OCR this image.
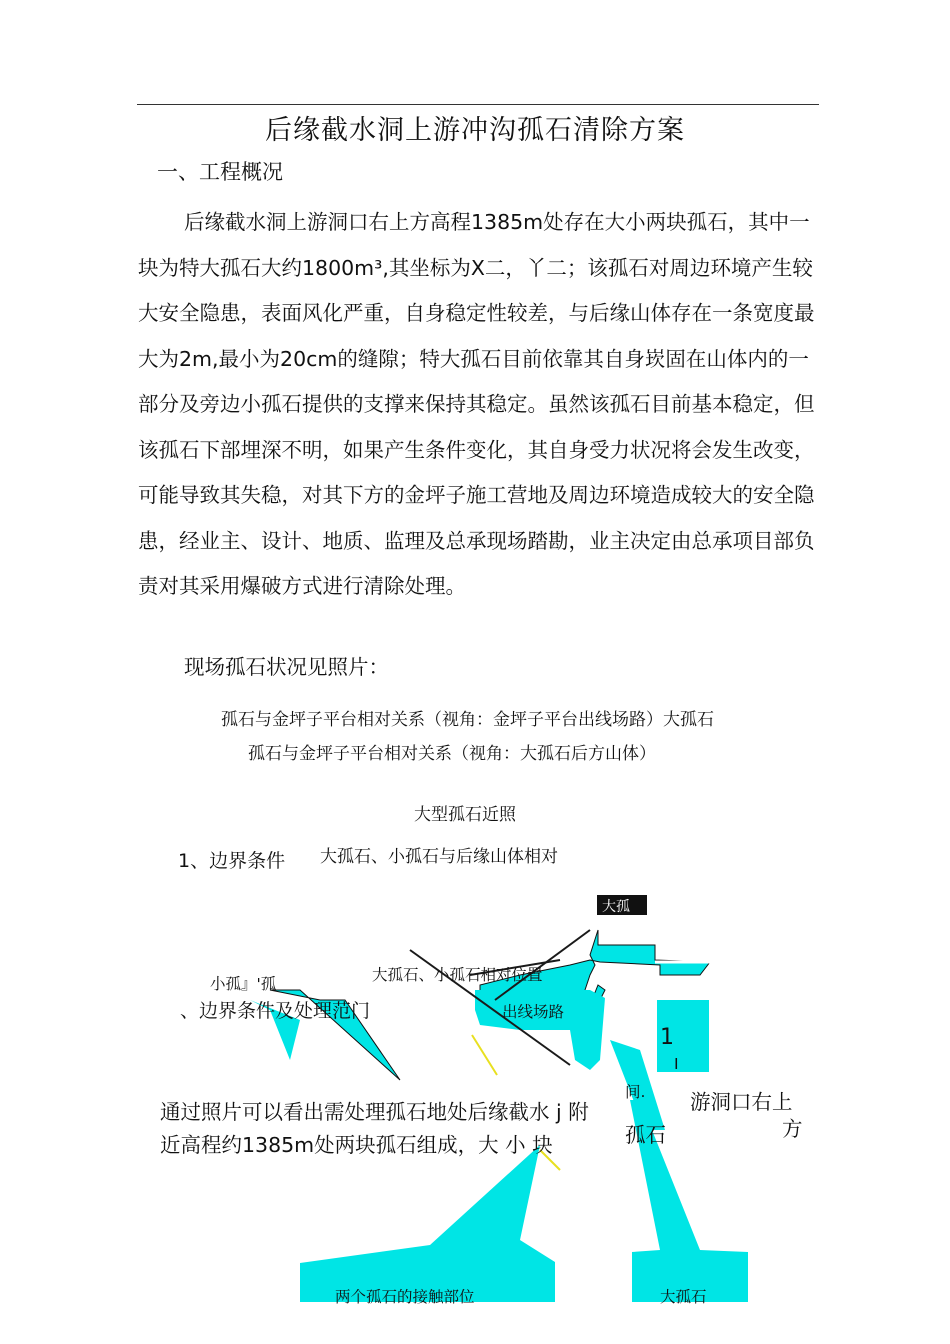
后缘截水洞上游冲沟孤石清除方案
一、工程概况
后缘截水洞上游洞口右上方高程1385m处存在大小两块孤石，其中一块为特大孤石大约1800m³,其坐标为X二，丫二；该孤石对周边环境产生较大安全隐患，表面风化严重，自身稳定性较差，与后缘山体存在一条宽度最大为2m,最小为20cm的缝隙；特大孤石目前依靠其自身崁固在山体内的一部分及旁边小孤石提供的支撑来保持其稳定。虽然该孤石目前基本稳定，但该孤石下部埋深不明，如果产生条件变化，其自身受力状况将会发生改变，可能导致其失稳，对其下方的金坪子施工营地及周边环境造成较大的安全隐患，经业主、设计、地质、监理及总承现场踏勘，业主决定由总承项目部负责对其采用爆破方式进行清除处理。
现场孤石状况见照片：
孤石与金坪子平台相对关系（视角：金坪子平台出线场路）大孤石
孤石与金坪子平台相对关系（视角：大孤石后方山体）
大型孤石近照
1、边界条件 大孤石、小孤石与后缘山体相对
大孤
小孤』'孤	大孤石、小孤石相对位置
、边界条件及处理范门	出线场路
1
I
间.
孤石
游洞口右上
方
通过照片可以看出需处理孤石地处后缘截水 j 附
近高程约1385m处两块孤石组成，大 小 块
两个孤石的接触部位	大孤石
